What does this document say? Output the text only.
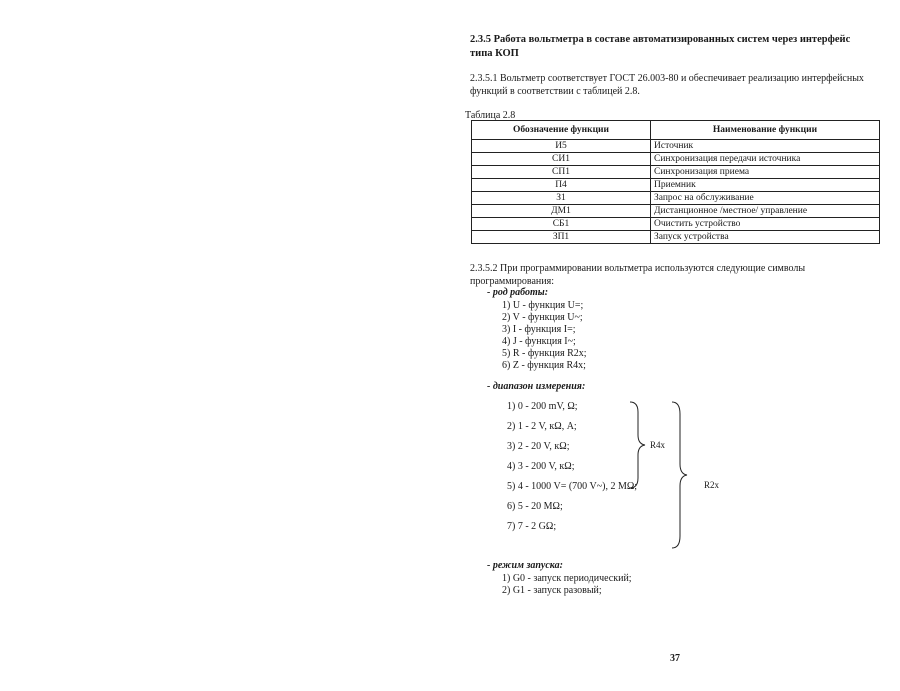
2.3.5 Работа вольтметра в составе автоматизированных систем через интерфейс типа КОП
2.3.5.1 Вольтметр соответствует ГОСТ 26.003-80 и обеспечивает реализацию интерфейсных функций в соответствии с таблицей 2.8.
Таблица 2.8
Обозначение функции	Наименование функции
И5	Источник
СИ1	Синхронизация передачи источника
СП1	Синхронизация приема
П4	Приемник
З1	Запрос на обслуживание
ДМ1	Дистанционное /местное/ управление
СБ1	Очистить устройство
ЗП1	Запуск устройства
2.3.5.2 При программировании вольтметра используются следующие символы программирования:
- род работы:
1) U - функция U=;
2) V - функция U~;
3) I - функция I=;
4) J - функция I~;
5) R - функция R2x;
6) Z - функция R4x;
- диапазон измерения:
1) 0 - 200 mV, Ω;
2) 1 - 2 V, кΩ, A;
3) 2 - 20 V, кΩ;
4) 3 - 200 V, кΩ;
5) 4 - 1000 V= (700 V~), 2 MΩ;
6) 5 - 20 MΩ;
7) 7 - 2 GΩ;
R4x
R2x
- режим запуска:
1) G0 - запуск периодический;
2) G1 - запуск разовый;
37
